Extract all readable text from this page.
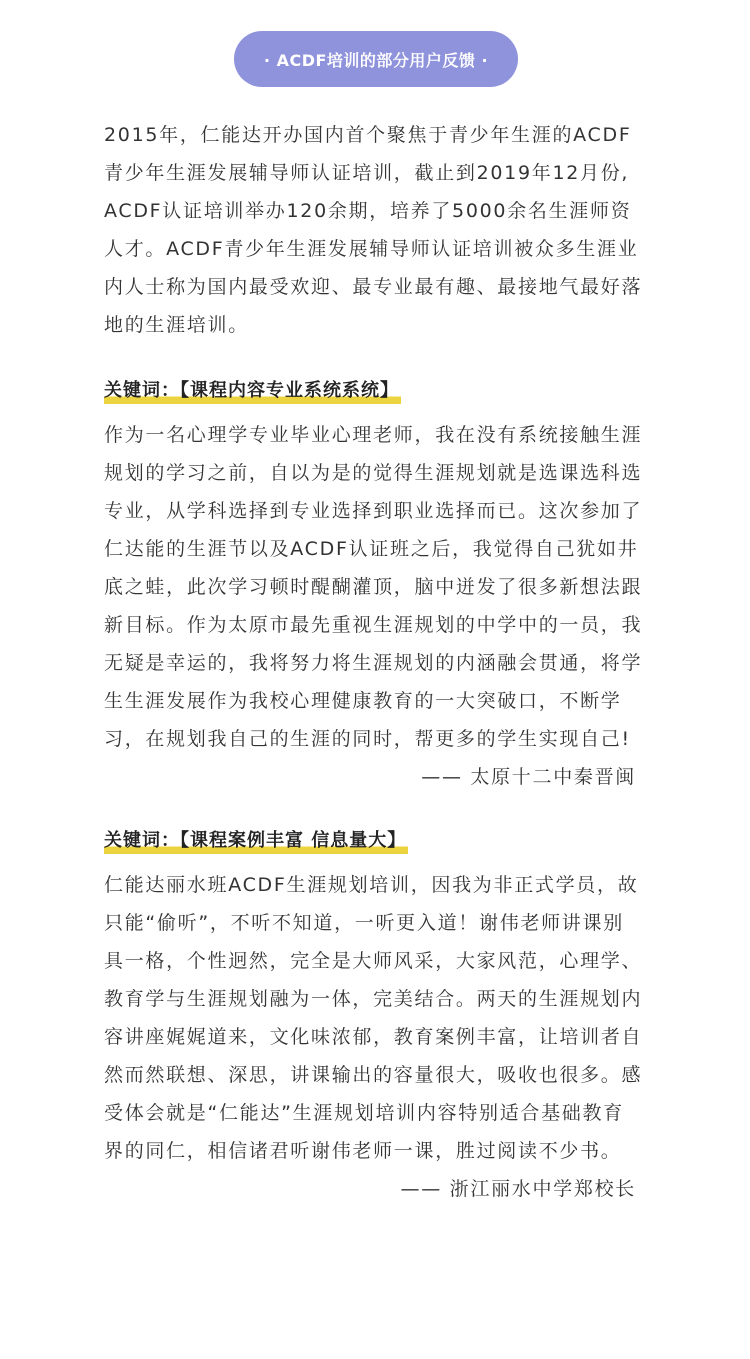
· ACDF培训的部分用户反馈 ·

2015年，仁能达开办国内首个聚焦于青少年生涯的ACDF青少年生涯发展辅导师认证培训，截止到2019年12月份, ACDF认证培训举办120余期，培养了5000余名生涯师资人才。ACDF青少年生涯发展辅导师认证培训被众多生涯业内人士称为国内最受欢迎、最专业最有趣、最接地气最好落地的生涯培训。

关键词：【课程内容专业系统系统】

作为一名心理学专业毕业心理老师，我在没有系统接触生涯规划的学习之前，自以为是的觉得生涯规划就是选课选科选专业，从学科选择到专业选择到职业选择而已。这次参加了仁达能的生涯节以及ACDF认证班之后，我觉得自己犹如井底之蛙，此次学习顿时醍醐灌顶，脑中迸发了很多新想法跟新目标。作为太原市最先重视生涯规划的中学中的一员，我无疑是幸运的，我将努力将生涯规划的内涵融会贯通，将学生生涯发展作为我校心理健康教育的一大突破口，不断学习，在规划我自己的生涯的同时，帮更多的学生实现自己!

—— 太原十二中秦晋闽

关键词：【课程案例丰富 信息量大】

仁能达丽水班ACDF生涯规划培训，因我为非正式学员，故只能“偷听”，不听不知道，一听更入道！谢伟老师讲课别具一格，个性迥然，完全是大师风采，大家风范，心理学、教育学与生涯规划融为一体，完美结合。两天的生涯规划内容讲座娓娓道来，文化味浓郁，教育案例丰富，让培训者自然而然联想、深思，讲课输出的容量很大，吸收也很多。感受体会就是“仁能达”生涯规划培训内容特别适合基础教育界的同仁，相信诸君听谢伟老师一课，胜过阅读不少书。

—— 浙江丽水中学郑校长
